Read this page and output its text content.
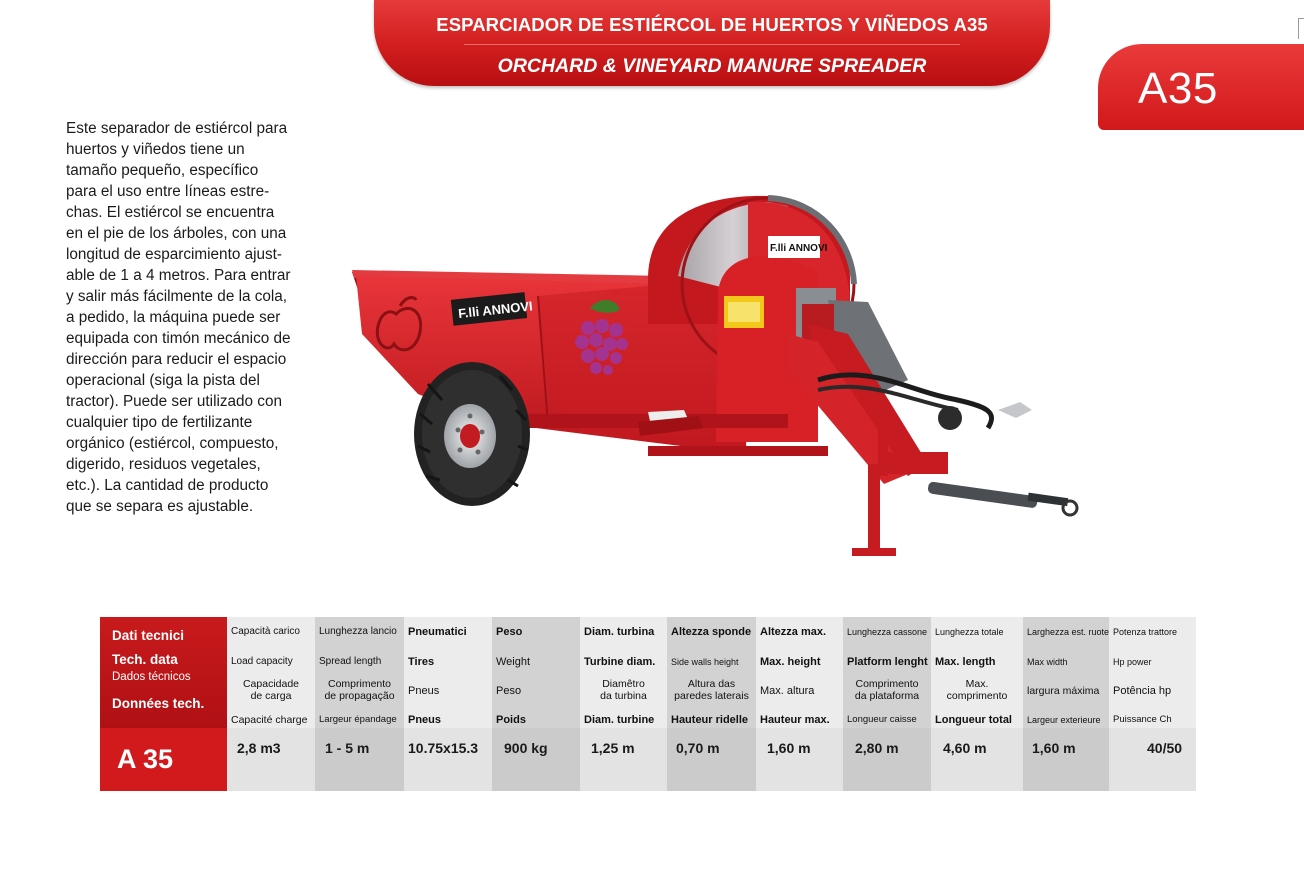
ESPARCIADOR DE ESTIÉRCOL DE HUERTOS Y VIÑEDOS A35
ORCHARD & VINEYARD MANURE SPREADER	A35
Este separador de estiércol para
huertos y viñedos tiene un
tamaño pequeño, específico
para el uso entre líneas estre-
chas. El estiércol se encuentra
en el pie de los árboles, con una
longitud de esparcimiento ajust-
able de 1 a 4 metros. Para entrar
y salir más fácilmente de la cola,
a pedido, la máquina puede ser
equipada con timón mecánico de
dirección para reducir el espacio
operacional (siga la pista del
tractor). Puede ser utilizado con
cualquier tipo de fertilizante
orgánico (estiércol, compuesto,
digerido, residuos vegetales,
etc.). La cantidad de producto
que se separa es ajustable.
F.lli ANNOVI
F.lli ANNOVI
Dati tecnici
Tech. data
Dados técnicos
Données tech.
A 35
Capacità carico
Load capacity
Capacidade
de carga
Capacité charge
2,8 m3
Lunghezza lancio
Spread length
Comprimento
de propagação
Largeur épandage
1 - 5 m
Pneumatici
Tires
Pneus
Pneus
10.75x15.3
Peso
Weight
Peso
Poids
900 kg
Diam. turbina
Turbine diam.
Diamêtro
da turbina
Diam. turbine
1,25 m
Altezza sponde
Side walls height
Altura das
paredes laterais
Hauteur ridelle
0,70 m
Altezza max.
Max. height
Max. altura
Hauteur max.
1,60 m
Lunghezza cassone
Platform lenght
Comprimento
da plataforma
Longueur caisse
2,80 m
Lunghezza totale
Max. length
Max.
comprimento
Longueur total
4,60 m
Larghezza est. ruote
Max width
largura máxima
Largeur exterieure
1,60 m
Potenza trattore
Hp power
Potência hp
Puissance Ch
40/50
